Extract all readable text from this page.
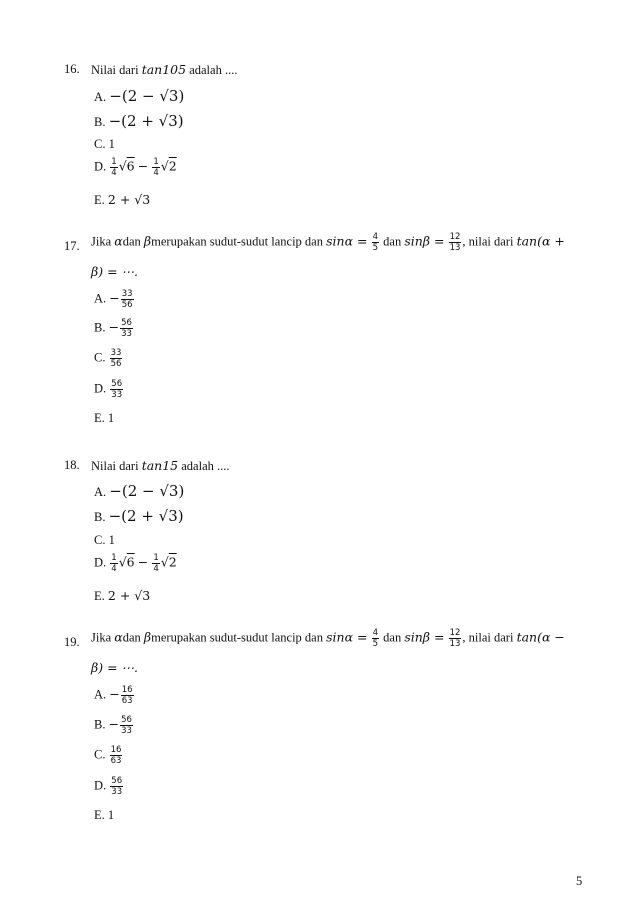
16. Nilai dari tan105 adalah ....
A. −(2 − √3)
B. −(2 + √3)
C. 1
D. $\frac{1}{4} √6 - \frac{1}{4} √2$
E. 2 + √3
17. Jika αdan βmerupakan sudut-sudut lancip dan $\sin\alpha = \frac{4}{5}$ dan $\sin\beta = \frac{12}{13}$ , nilai dari tan(α +
β) = ⋯.
A. − $\frac{33}{56}$
B. − $\frac{56}{33}$
C. $\frac{33}{56}$
D. $\frac{56}{33}$
E. 1
18. Nilai dari tan15 adalah ....
A. −(2 − √3)
B. −(2 + √3)
C. 1
D. $\frac{1}{4} √6 - \frac{1}{4} √2$
E. 2 + √3
19. Jika αdan βmerupakan sudut-sudut lancip dan $\sin\alpha = \frac{4}{5}$ dan $\sin\beta = \frac{12}{13}$ , nilai dari tan(α −
β) = ⋯.
A. − $\frac{16}{63}$
B. − $\frac{56}{33}$
C. $\frac{16}{63}$
D. $\frac{56}{33}$
E. 1
5
